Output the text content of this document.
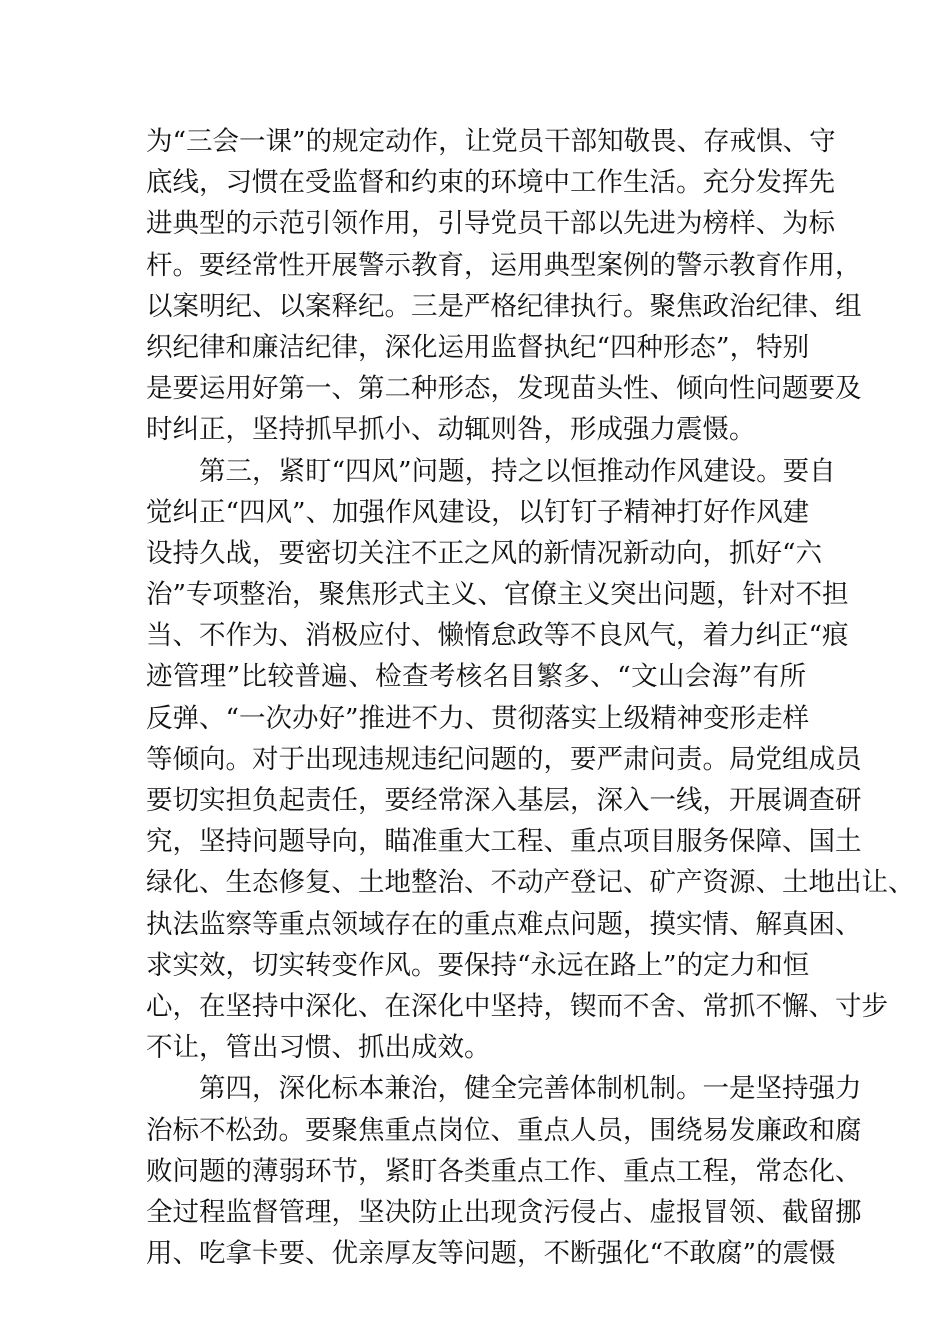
为“三会一课”的规定动作，让党员干部知敬畏、存戒惧、守
底线，习惯在受监督和约束的环境中工作生活。充分发挥先
进典型的示范引领作用，引导党员干部以先进为榜样、为标
杆。要经常性开展警示教育，运用典型案例的警示教育作用，
以案明纪、以案释纪。三是严格纪律执行。聚焦政治纪律、组
织纪律和廉洁纪律，深化运用监督执纪“四种形态”，特别
是要运用好第一、第二种形态，发现苗头性、倾向性问题要及
时纠正，坚持抓早抓小、动辄则咎，形成强力震慑。
　　第三，紧盯“四风”问题，持之以恒推动作风建设。要自
觉纠正“四风”、加强作风建设，以钉钉子精神打好作风建
设持久战，要密切关注不正之风的新情况新动向，抓好“六
治”专项整治，聚焦形式主义、官僚主义突出问题，针对不担
当、不作为、消极应付、懒惰怠政等不良风气，着力纠正“痕
迹管理”比较普遍、检查考核名目繁多、“文山会海”有所
反弹、“一次办好”推进不力、贯彻落实上级精神变形走样
等倾向。对于出现违规违纪问题的，要严肃问责。局党组成员
要切实担负起责任，要经常深入基层，深入一线，开展调查研
究，坚持问题导向，瞄准重大工程、重点项目服务保障、国土
绿化、生态修复、土地整治、不动产登记、矿产资源、土地出让、
执法监察等重点领域存在的重点难点问题，摸实情、解真困、
求实效，切实转变作风。要保持“永远在路上”的定力和恒
心，在坚持中深化、在深化中坚持，锲而不舍、常抓不懈、寸步
不让，管出习惯、抓出成效。
　　第四，深化标本兼治，健全完善体制机制。一是坚持强力
治标不松劲。要聚焦重点岗位、重点人员，围绕易发廉政和腐
败问题的薄弱环节，紧盯各类重点工作、重点工程，常态化、
全过程监督管理，坚决防止出现贪污侵占、虚报冒领、截留挪
用、吃拿卡要、优亲厚友等问题，不断强化“不敢腐”的震慑
